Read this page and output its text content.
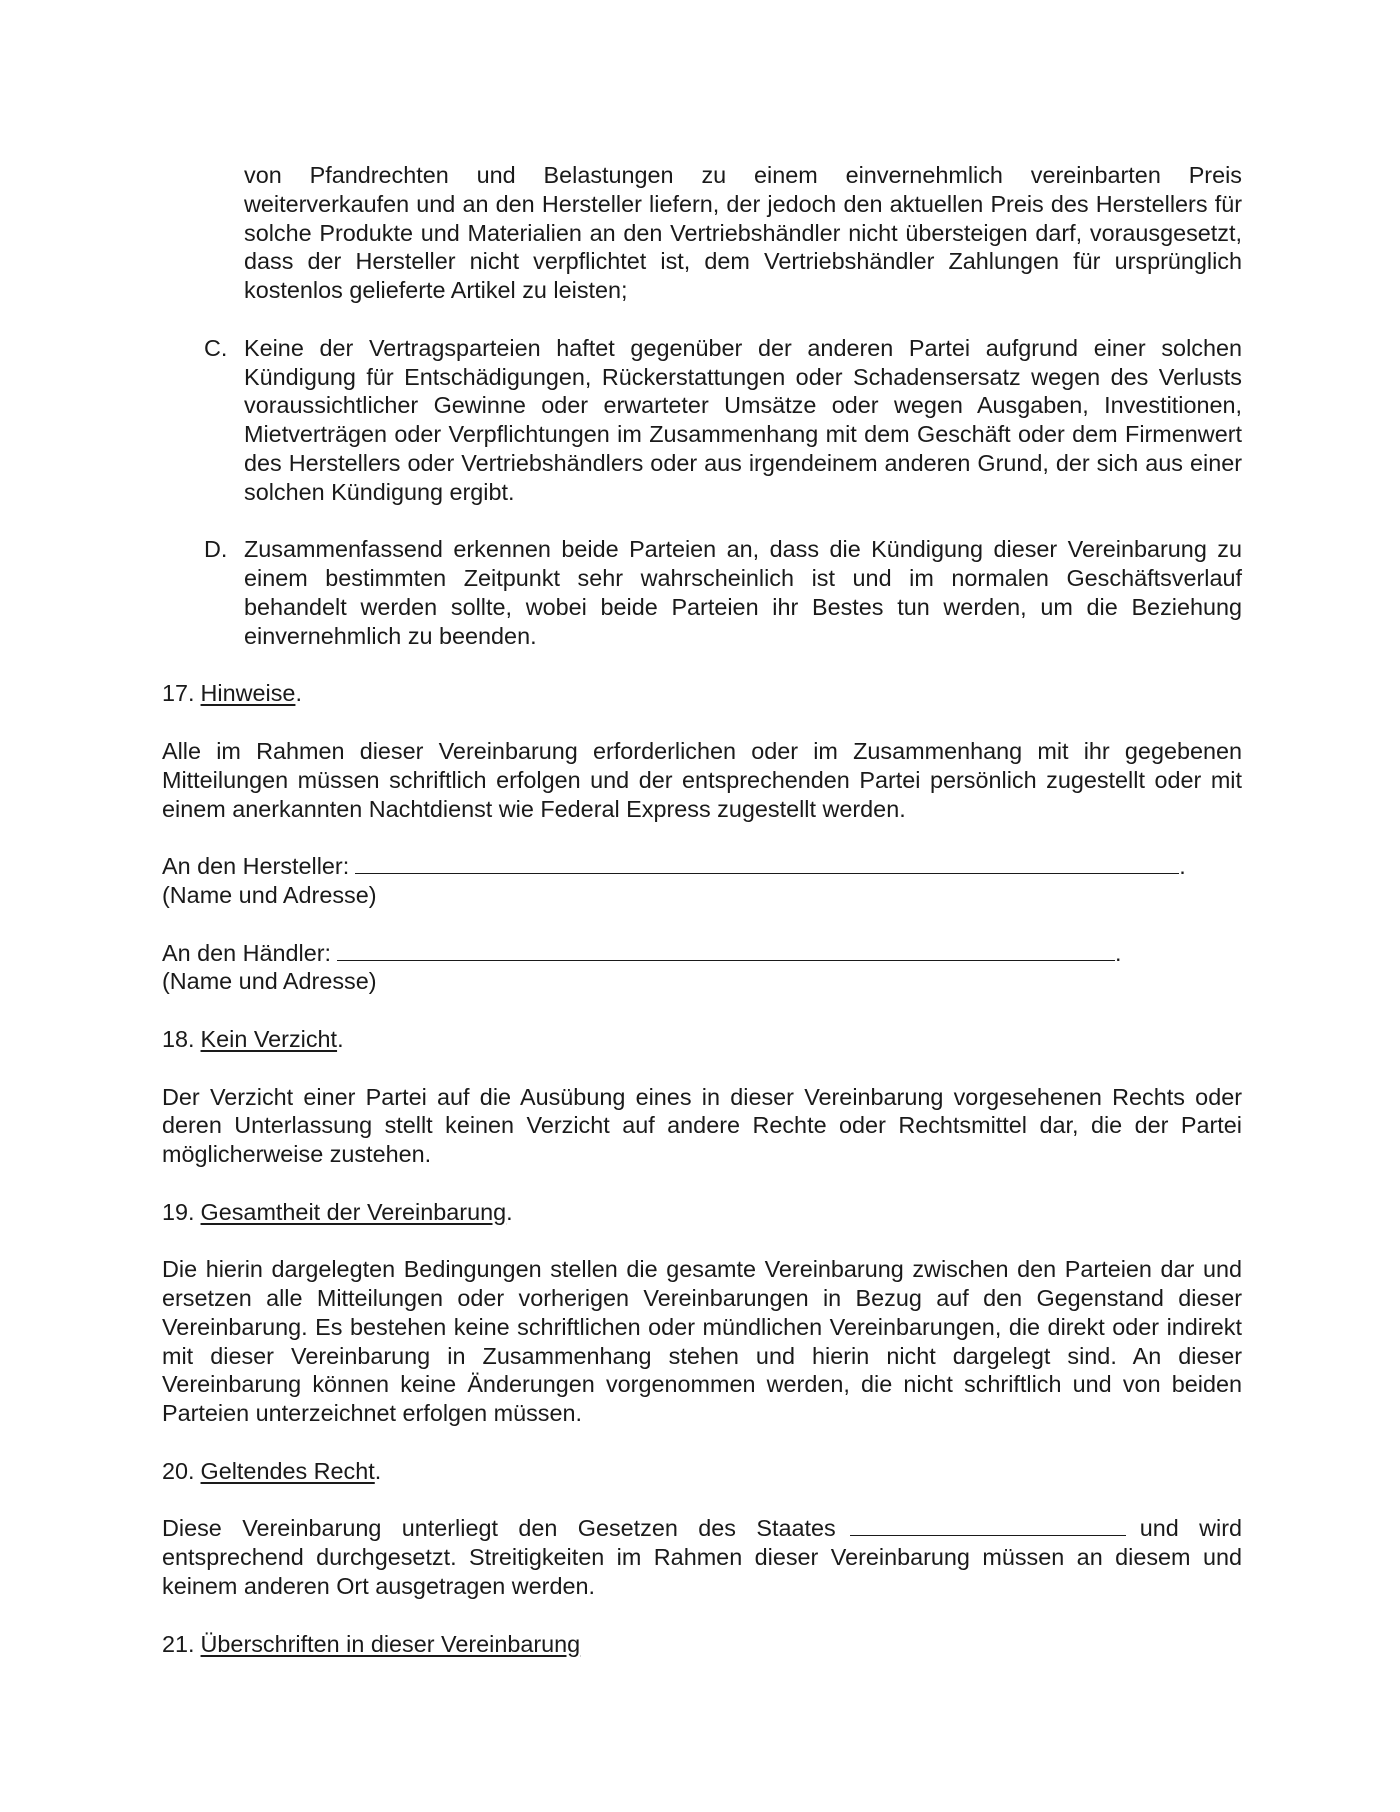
von Pfandrechten und Belastungen zu einem einvernehmlich vereinbarten Preis weiterverkaufen und an den Hersteller liefern, der jedoch den aktuellen Preis des Herstellers für solche Produkte und Materialien an den Vertriebshändler nicht übersteigen darf, vorausgesetzt, dass der Hersteller nicht verpflichtet ist, dem Vertriebshändler Zahlungen für ursprünglich kostenlos gelieferte Artikel zu leisten;

C. Keine der Vertragsparteien haftet gegenüber der anderen Partei aufgrund einer solchen Kündigung für Entschädigungen, Rückerstattungen oder Schadensersatz wegen des Verlusts voraussichtlicher Gewinne oder erwarteter Umsätze oder wegen Ausgaben, Investitionen, Mietverträgen oder Verpflichtungen im Zusammenhang mit dem Geschäft oder dem Firmenwert des Herstellers oder Vertriebshändlers oder aus irgendeinem anderen Grund, der sich aus einer solchen Kündigung ergibt.

D. Zusammenfassend erkennen beide Parteien an, dass die Kündigung dieser Vereinbarung zu einem bestimmten Zeitpunkt sehr wahrscheinlich ist und im normalen Geschäftsverlauf behandelt werden sollte, wobei beide Parteien ihr Bestes tun werden, um die Beziehung einvernehmlich zu beenden.

17. Hinweise.

Alle im Rahmen dieser Vereinbarung erforderlichen oder im Zusammenhang mit ihr gegebenen Mitteilungen müssen schriftlich erfolgen und der entsprechenden Partei persönlich zugestellt oder mit einem anerkannten Nachtdienst wie Federal Express zugestellt werden.

An den Hersteller:	.

(Name und Adresse)

An den Händler:	.

(Name und Adresse)

18. Kein Verzicht.

Der Verzicht einer Partei auf die Ausübung eines in dieser Vereinbarung vorgesehenen Rechts oder deren Unterlassung stellt keinen Verzicht auf andere Rechte oder Rechtsmittel dar, die der Partei möglicherweise zustehen.

19. Gesamtheit der Vereinbarung.

Die hierin dargelegten Bedingungen stellen die gesamte Vereinbarung zwischen den Parteien dar und ersetzen alle Mitteilungen oder vorherigen Vereinbarungen in Bezug auf den Gegenstand dieser Vereinbarung. Es bestehen keine schriftlichen oder mündlichen Vereinbarungen, die direkt oder indirekt mit dieser Vereinbarung in Zusammenhang stehen und hierin nicht dargelegt sind. An dieser Vereinbarung können keine Änderungen vorgenommen werden, die nicht schriftlich und von beiden Parteien unterzeichnet erfolgen müssen.

20. Geltendes Recht.

Diese Vereinbarung unterliegt den Gesetzen des Staates	und wird entsprechend durchgesetzt. Streitigkeiten im Rahmen dieser Vereinbarung müssen an diesem und keinem anderen Ort ausgetragen werden.

21. Überschriften in dieser Vereinbarung
